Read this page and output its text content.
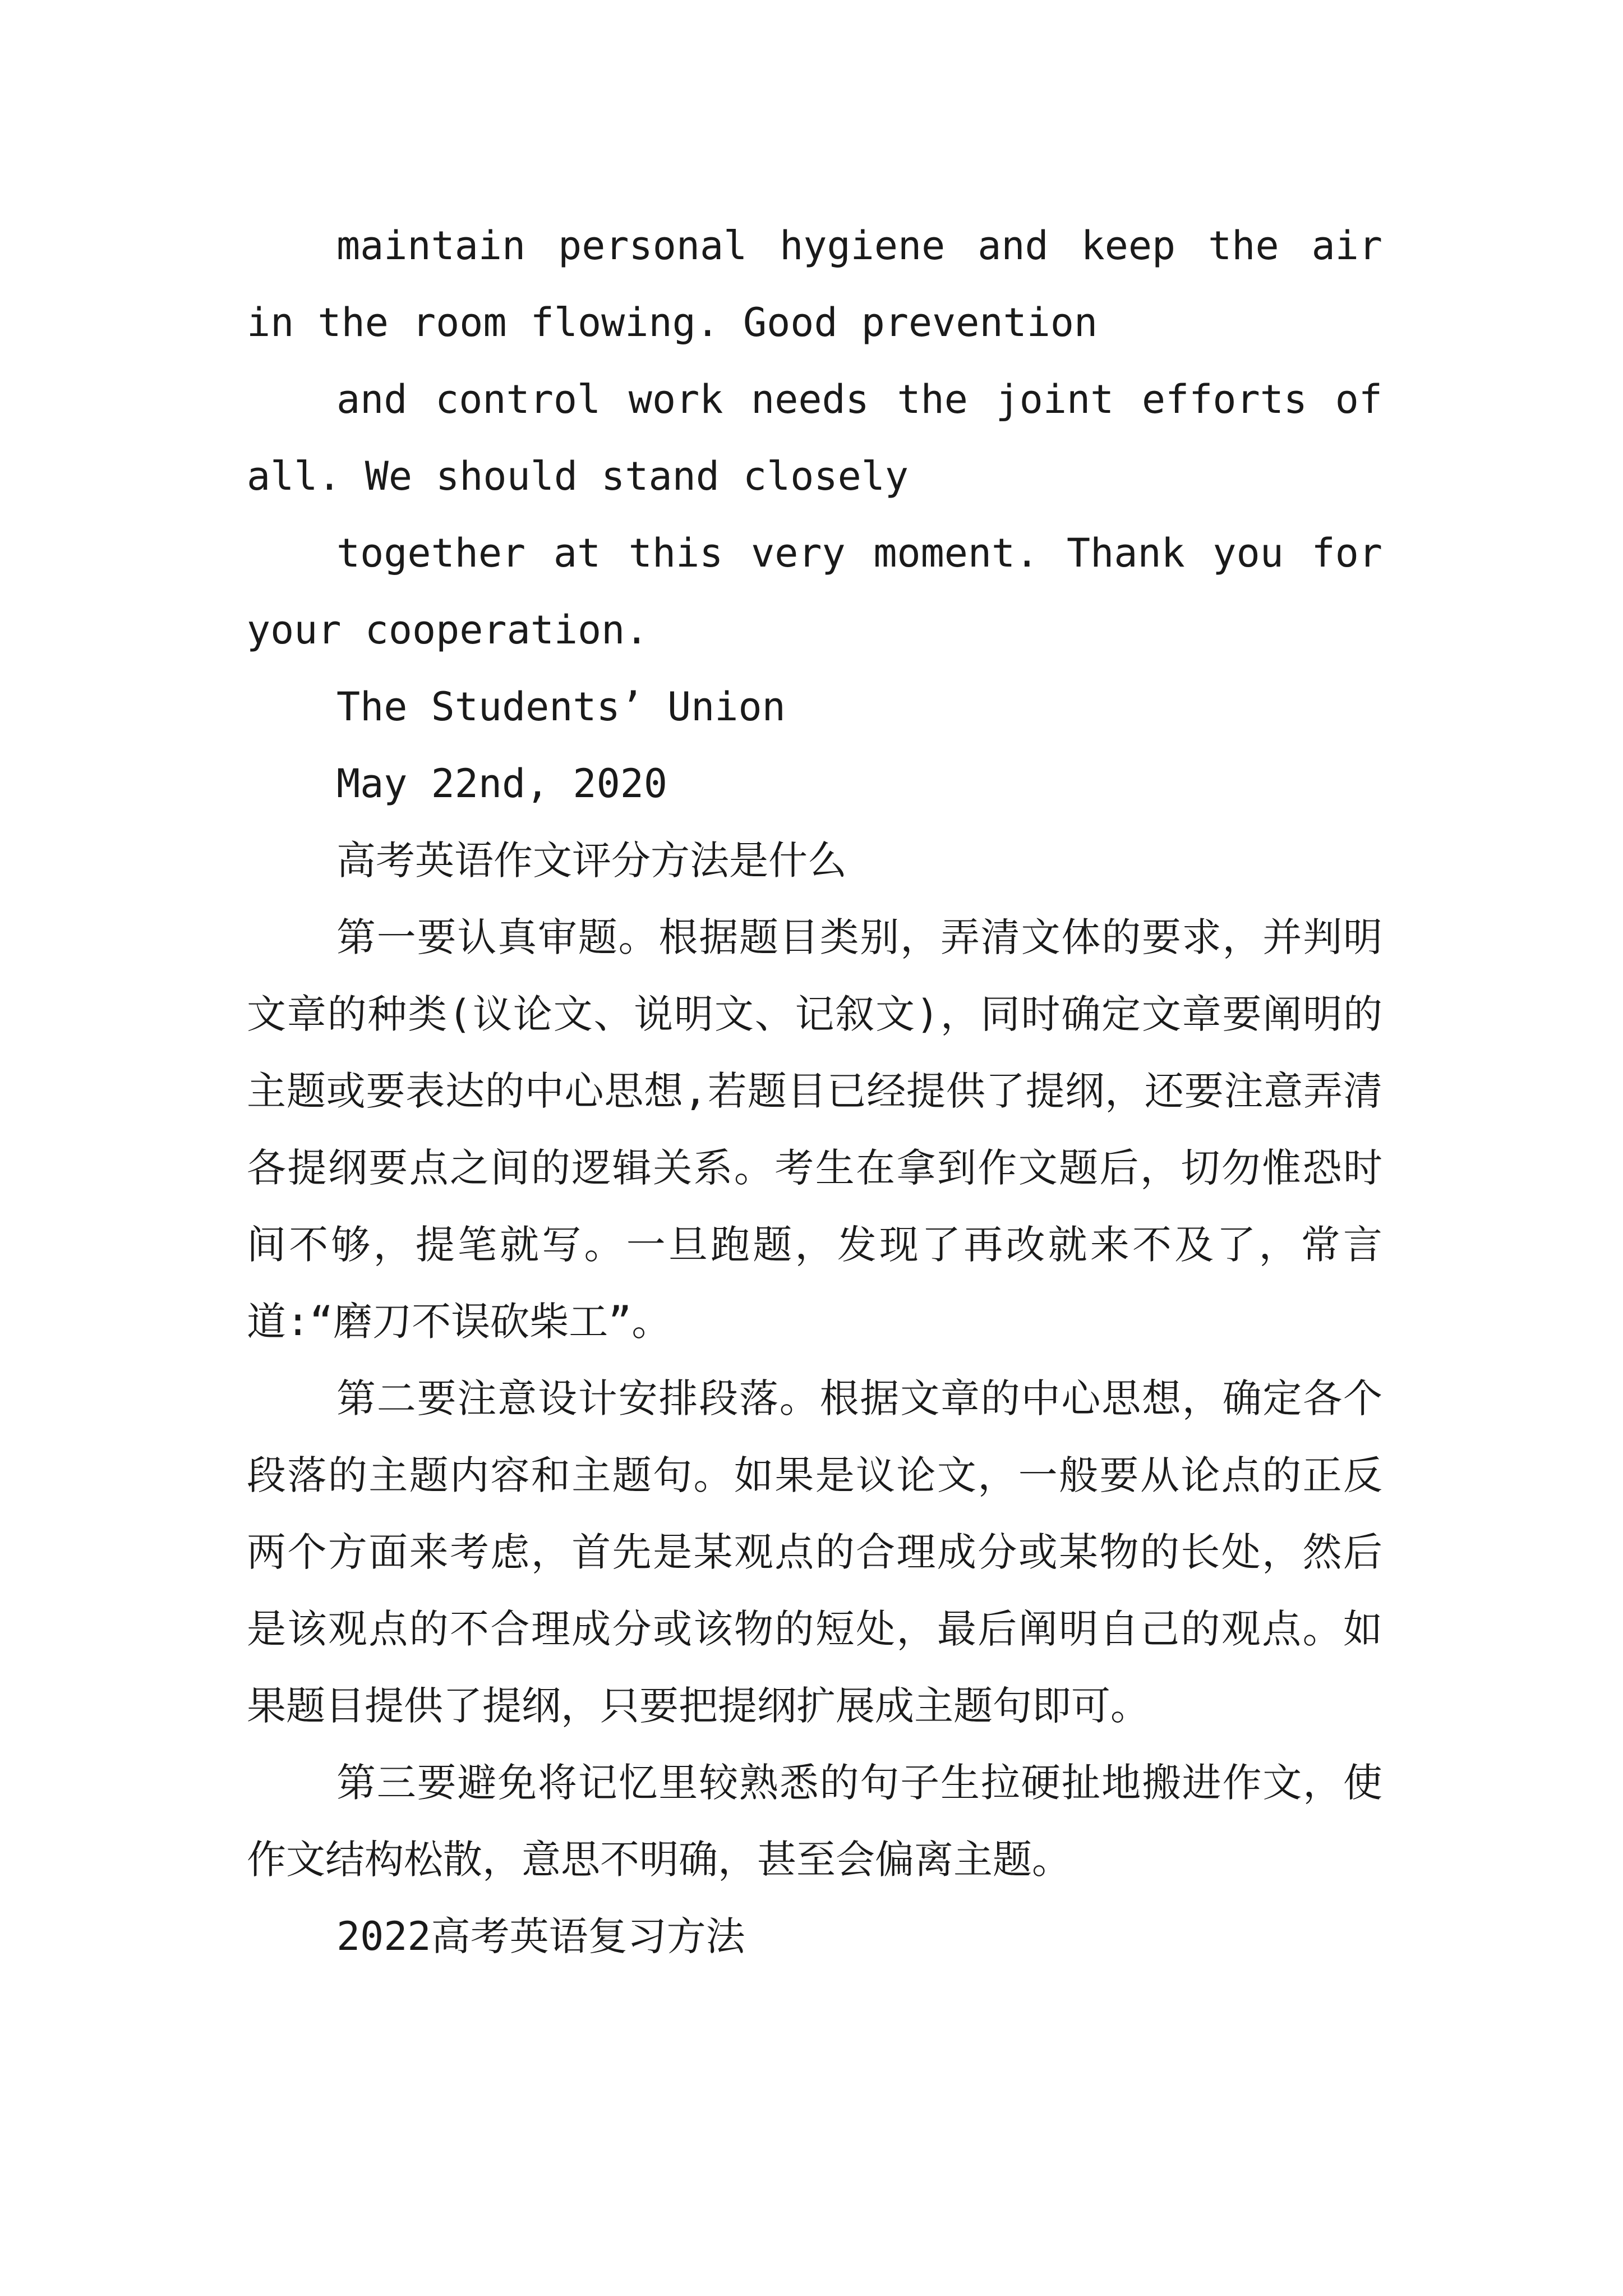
maintain personal hygiene and keep the air in the room flowing. Good prevention

and control work needs the joint efforts of all. We should stand closely

together at this very moment. Thank you for your cooperation.

The Students’ Union

May 22nd, 2020

高考英语作文评分方法是什么

第一要认真审题。根据题目类别，弄清文体的要求，并判明文章的种类(议论文、说明文、记叙文)，同时确定文章要阐明的主题或要表达的中心思想,若题目已经提供了提纲，还要注意弄清各提纲要点之间的逻辑关系。考生在拿到作文题后，切勿惟恐时间不够，提笔就写。一旦跑题，发现了再改就来不及了，常言道:“磨刀不误砍柴工”。

第二要注意设计安排段落。根据文章的中心思想，确定各个段落的主题内容和主题句。如果是议论文，一般要从论点的正反两个方面来考虑，首先是某观点的合理成分或某物的长处，然后是该观点的不合理成分或该物的短处，最后阐明自己的观点。如果题目提供了提纲，只要把提纲扩展成主题句即可。

第三要避免将记忆里较熟悉的句子生拉硬扯地搬进作文，使作文结构松散，意思不明确，甚至会偏离主题。

2022高考英语复习方法
